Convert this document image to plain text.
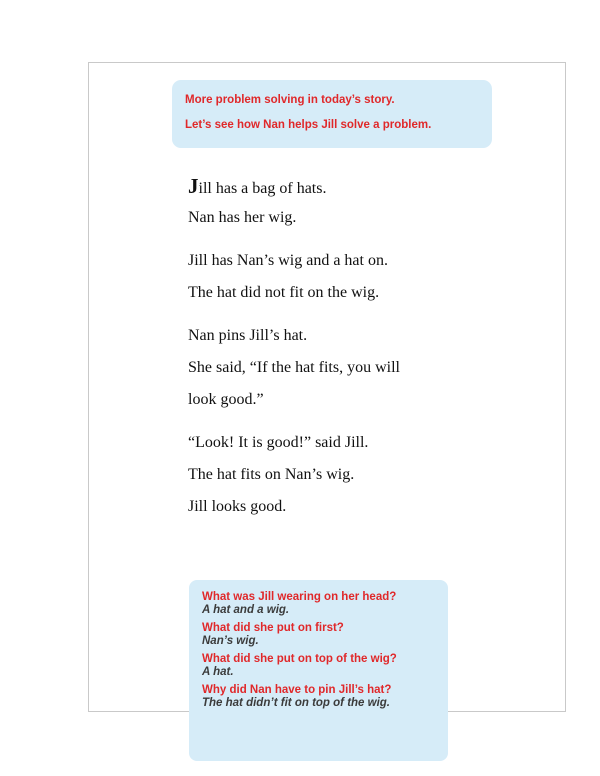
More problem solving in today’s story.
Let’s see how Nan helps Jill solve a problem.
Jill has a bag of hats.
Nan has her wig.
Jill has Nan’s wig and a hat on.
The hat did not fit on the wig.
Nan pins Jill’s hat.
She said, “If the hat fits, you will
look good.”
“Look! It is good!” said Jill.
The hat fits on Nan’s wig.
Jill looks good.
What was Jill wearing on her head?
A hat and a wig.
What did she put on first?
Nan’s wig.
What did she put on top of the wig?
A hat.
Why did Nan have to pin Jill’s hat?
The hat didn’t fit on top of the wig.
